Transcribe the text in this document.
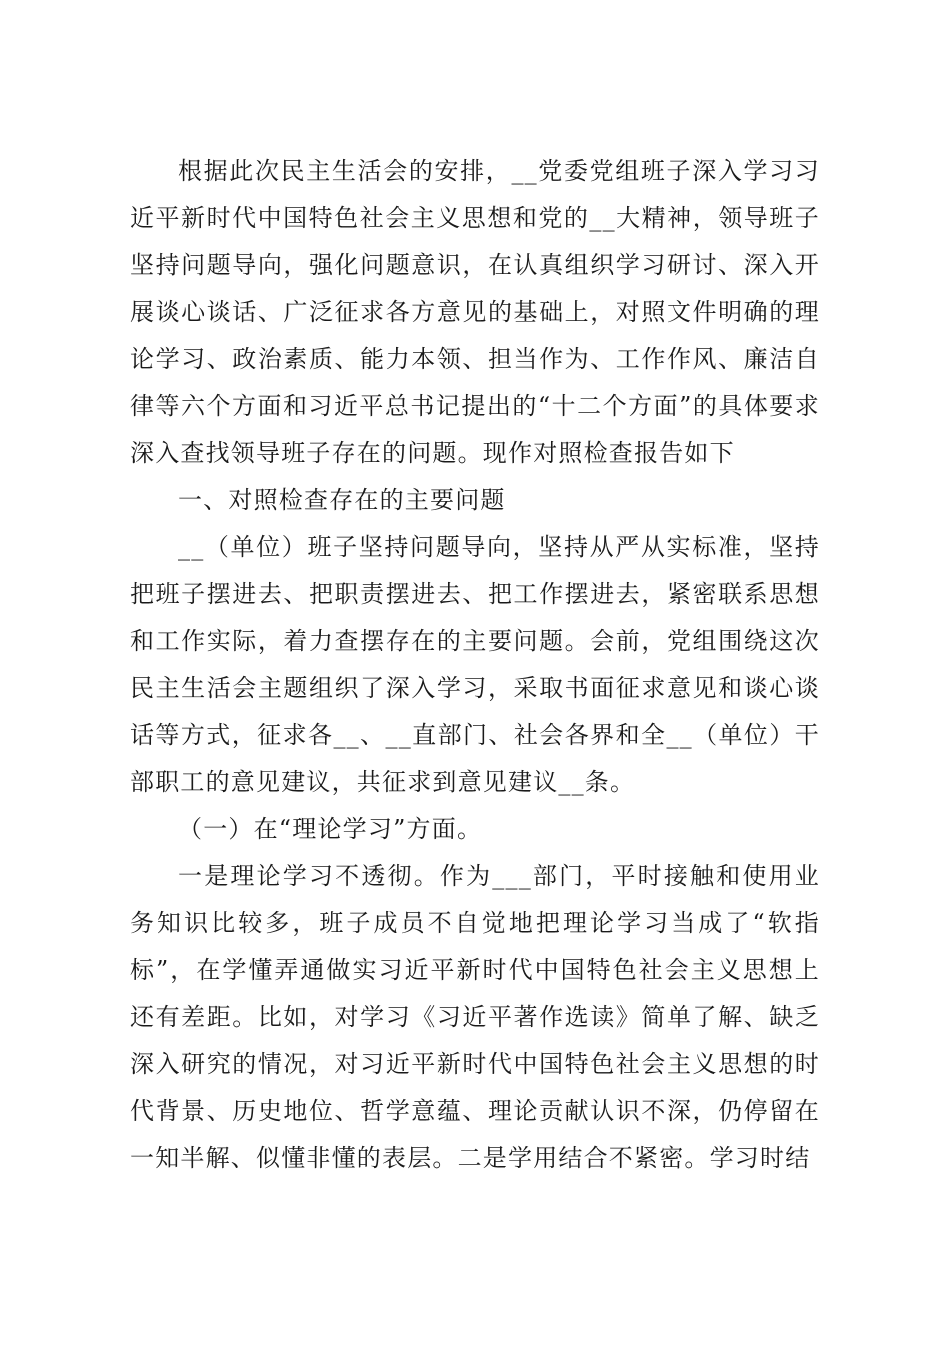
根据此次民主生活会的安排，__党委党组班子深入学习习近平新时代中国特色社会主义思想和党的__大精神，领导班子坚持问题导向，强化问题意识，在认真组织学习研讨、深入开展谈心谈话、广泛征求各方意见的基础上，对照文件明确的理论学习、政治素质、能力本领、担当作为、工作作风、廉洁自律等六个方面和习近平总书记提出的“十二个方面”的具体要求深入查找领导班子存在的问题。现作对照检查报告如下

一、对照检查存在的主要问题

__（单位）班子坚持问题导向，坚持从严从实标准，坚持把班子摆进去、把职责摆进去、把工作摆进去，紧密联系思想和工作实际，着力查摆存在的主要问题。会前，党组围绕这次民主生活会主题组织了深入学习，采取书面征求意见和谈心谈话等方式，征求各__、__直部门、社会各界和全__（单位）干部职工的意见建议，共征求到意见建议__条。

（一）在“理论学习”方面。

一是理论学习不透彻。作为___部门，平时接触和使用业务知识比较多，班子成员不自觉地把理论学习当成了“软指标”，在学懂弄通做实习近平新时代中国特色社会主义思想上还有差距。比如，对学习《习近平著作选读》简单了解、缺乏深入研究的情况，对习近平新时代中国特色社会主义思想的时代背景、历史地位、哲学意蕴、理论贡献认识不深，仍停留在一知半解、似懂非懂的表层。二是学用结合不紧密。学习时结
